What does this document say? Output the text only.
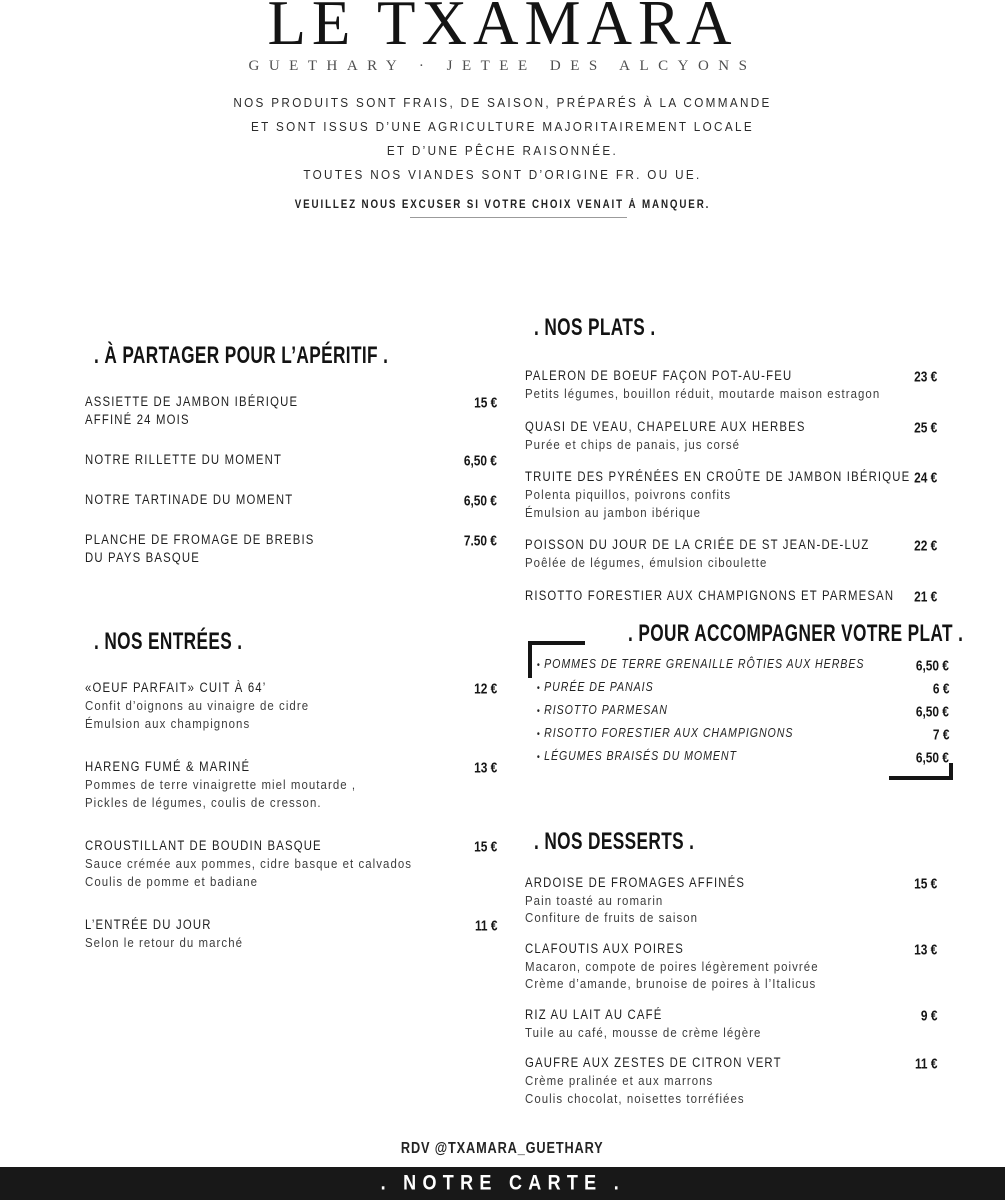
LE TXAMARA
GUETHARY · JETEE DES ALCYONS
NOS PRODUITS SONT FRAIS, DE SAISON, PRÉPARÉS À LA COMMANDE
ET SONT ISSUS D’UNE AGRICULTURE MAJORITAIREMENT LOCALE
ET D’UNE PÊCHE RAISONNÉE.
TOUTES NOS VIANDES SONT D’ORIGINE FR. OU UE.
VEUILLEZ NOUS EXCUSER SI VOTRE CHOIX VENAIT À MANQUER.
. À PARTAGER POUR L’APÉRITIF .
ASSIETTE DE JAMBON IBÉRIQUE
AFFINÉ 24 MOIS
15 €
NOTRE RILLETTE DU MOMENT	6,50 €
NOTRE TARTINADE DU MOMENT	6,50 €
PLANCHE DE FROMAGE DE BREBIS
DU PAYS BASQUE
7.50 €
. NOS ENTRÉES .
«OEUF PARFAIT» CUIT À 64’
Confit d’oignons au vinaigre de cidre
Émulsion aux champignons
12 €
HARENG FUMÉ & MARINÉ
Pommes de terre vinaigrette miel moutarde ,
Pickles de légumes, coulis de cresson.
13 €
CROUSTILLANT DE BOUDIN BASQUE
Sauce crémée aux pommes, cidre basque et calvados
Coulis de pomme et badiane
15 €
L’ENTRÉE DU JOUR
Selon le retour du marché
11 €
. NOS PLATS .
PALERON DE BOEUF FAÇON POT-AU-FEU
Petits légumes, bouillon réduit, moutarde maison estragon
23 €
QUASI DE VEAU, CHAPELURE AUX HERBES
Purée et chips de panais, jus corsé
25 €
TRUITE DES PYRÉNÉES EN CROÛTE DE JAMBON IBÉRIQUE
Polenta piquillos, poivrons confits
Émulsion au jambon ibérique
24 €
POISSON DU JOUR DE LA CRIÉE DE ST JEAN-DE-LUZ
Poêlée de légumes, émulsion ciboulette
22 €
RISOTTO FORESTIER AUX CHAMPIGNONS ET PARMESAN 21 €
. POUR ACCOMPAGNER VOTRE PLAT .
• POMMES DE TERRE GRENAILLE RÔTIES AUX HERBES	6,50 €
• PURÉE DE PANAIS	6 €
• RISOTTO PARMESAN	6,50 €
• RISOTTO FORESTIER AUX CHAMPIGNONS	7 €
• LÉGUMES BRAISÉS DU MOMENT	6,50 €
. NOS DESSERTS .
ARDOISE DE FROMAGES AFFINÉS
Pain toasté au romarin
Confiture de fruits de saison
15 €
CLAFOUTIS AUX POIRES
Macaron, compote de poires légèrement poivrée
Crème d’amande, brunoise de poires à l’Italicus
13 €
RIZ AU LAIT AU CAFÉ
Tuile au café, mousse de crème légère
9 €
GAUFRE AUX ZESTES DE CITRON VERT
Crème pralinée et aux marrons
Coulis chocolat, noisettes torréfiées
11 €
RDV @TXAMARA_GUETHARY
. NOTRE CARTE .
